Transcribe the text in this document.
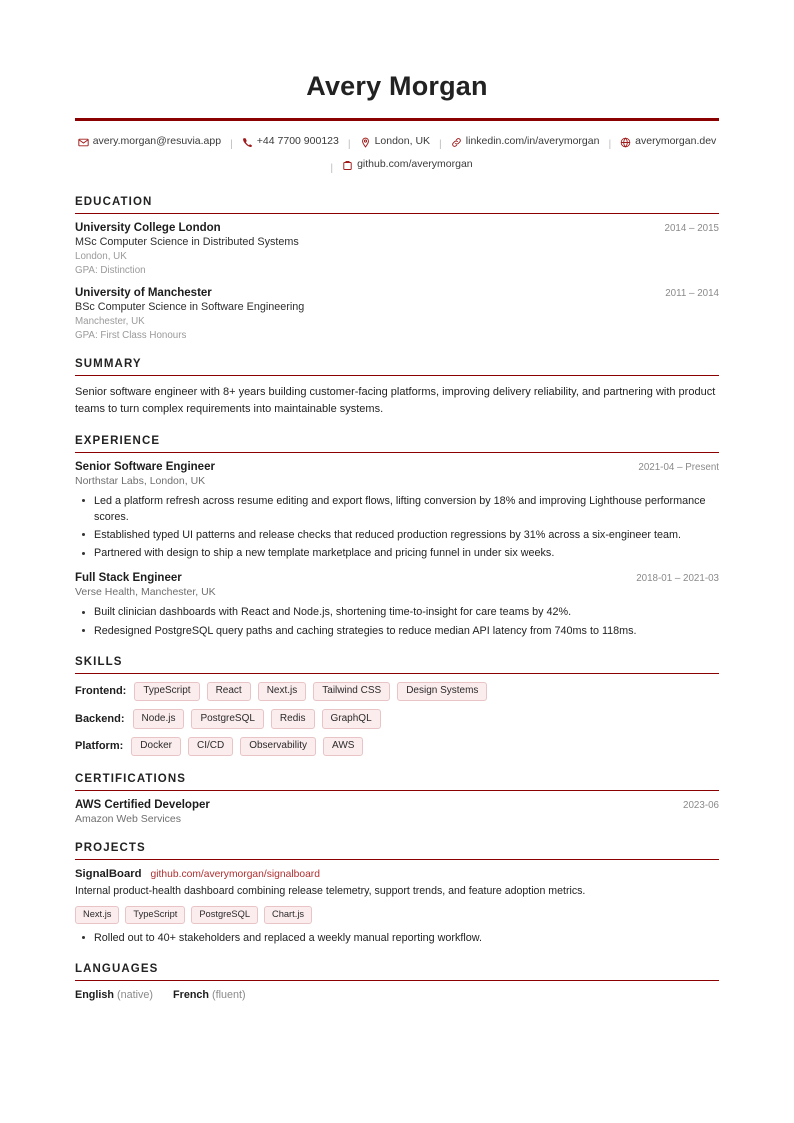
Avery Morgan
avery.morgan@resuvia.app | +44 7700 900123 | London, UK | linkedin.com/in/averymorgan | averymorgan.dev
| github.com/averymorgan
EDUCATION
University College London	2014 – 2015
MSc Computer Science in Distributed Systems
London, UK
GPA: Distinction
University of Manchester	2011 – 2014
BSc Computer Science in Software Engineering
Manchester, UK
GPA: First Class Honours
SUMMARY

Senior software engineer with 8+ years building customer-facing platforms, improving delivery reliability, and partnering with product teams to turn complex requirements into maintainable systems.

EXPERIENCE
Senior Software Engineer	2021-04 – Present
Northstar Labs, London, UK
Led a platform refresh across resume editing and export flows, lifting conversion by 18% and improving Lighthouse performance scores.
Established typed UI patterns and release checks that reduced production regressions by 31% across a six-engineer team.
Partnered with design to ship a new template marketplace and pricing funnel in under six weeks.
Full Stack Engineer	2018-01 – 2021-03
Verse Health, Manchester, UK
Built clinician dashboards with React and Node.js, shortening time-to-insight for care teams by 42%.
Redesigned PostgreSQL query paths and caching strategies to reduce median API latency from 740ms to 118ms.
SKILLS
Frontend:	TypeScript	React	Next.js	Tailwind CSS	Design Systems
Backend:	Node.js	PostgreSQL	Redis	GraphQL
Platform:	Docker	CI/CD	Observability	AWS
CERTIFICATIONS
AWS Certified Developer	2023-06
Amazon Web Services
PROJECTS
SignalBoard github.com/averymorgan/signalboard
Internal product-health dashboard combining release telemetry, support trends, and feature adoption metrics.
Next.js	TypeScript	PostgreSQL	Chart.js
Rolled out to 40+ stakeholders and replaced a weekly manual reporting workflow.
LANGUAGES
English (native) French (fluent)
